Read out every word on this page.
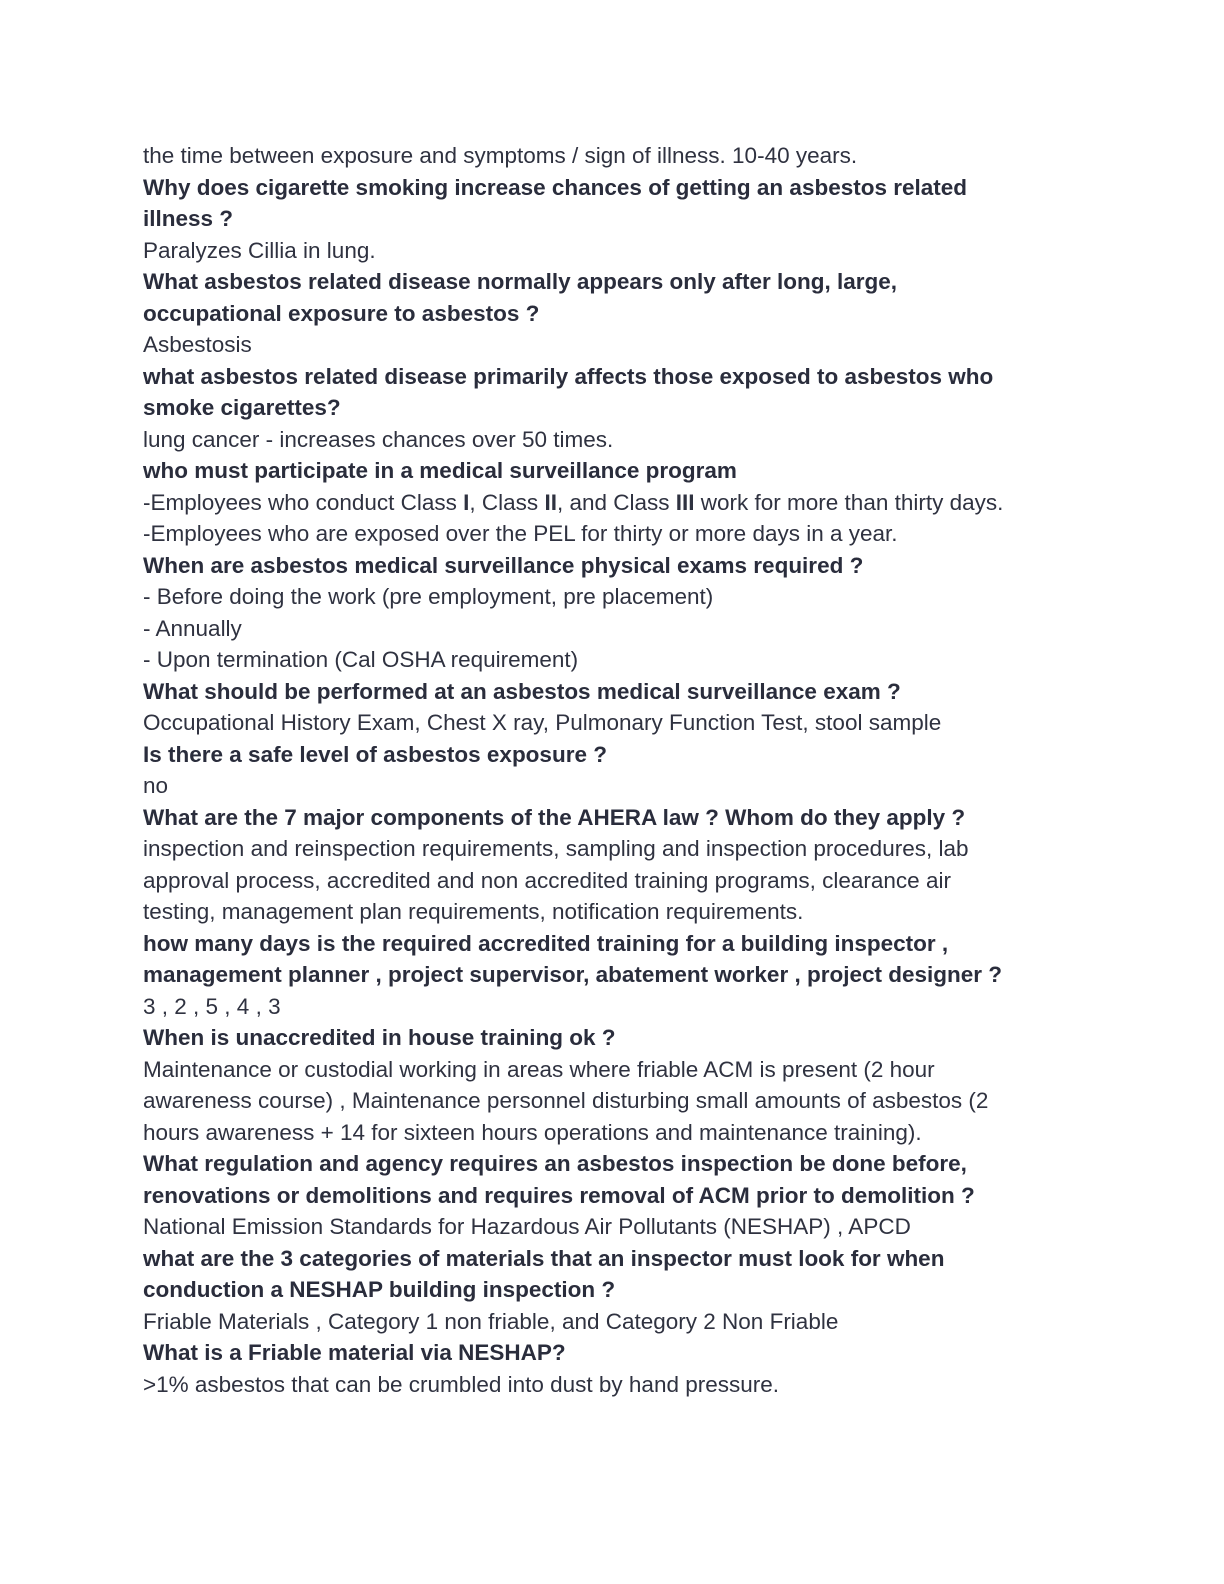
the time between exposure and symptoms / sign of illness. 10-40 years.

Why does cigarette smoking increase chances of getting an asbestos related

illness ?

Paralyzes Cillia in lung.

What asbestos related disease normally appears only after long, large,

occupational exposure to asbestos ?

Asbestosis

what asbestos related disease primarily affects those exposed to asbestos who

smoke cigarettes?

lung cancer - increases chances over 50 times.

who must participate in a medical surveillance program

-Employees who conduct Class I, Class II, and Class III work for more than thirty days.

-Employees who are exposed over the PEL for thirty or more days in a year.

When are asbestos medical surveillance physical exams required ?

- Before doing the work (pre employment, pre placement)

- Annually

- Upon termination (Cal OSHA requirement)

What should be performed at an asbestos medical surveillance exam ?

Occupational History Exam, Chest X ray, Pulmonary Function Test, stool sample

Is there a safe level of asbestos exposure ?

no

What are the 7 major components of the AHERA law ? Whom do they apply ?

inspection and reinspection requirements, sampling and inspection procedures, lab

approval process, accredited and non accredited training programs, clearance air

testing, management plan requirements, notification requirements.

how many days is the required accredited training for a building inspector ,

management planner , project supervisor, abatement worker , project designer ?

3 , 2 , 5 , 4 , 3

When is unaccredited in house training ok ?

Maintenance or custodial working in areas where friable ACM is present (2 hour

awareness course) , Maintenance personnel disturbing small amounts of asbestos (2

hours awareness + 14 for sixteen hours operations and maintenance training).

What regulation and agency requires an asbestos inspection be done before,

renovations or demolitions and requires removal of ACM prior to demolition ?

National Emission Standards for Hazardous Air Pollutants (NESHAP) , APCD

what are the 3 categories of materials that an inspector must look for when

conduction a NESHAP building inspection ?

Friable Materials , Category 1 non friable, and Category 2 Non Friable

What is a Friable material via NESHAP?

>1% asbestos that can be crumbled into dust by hand pressure.
